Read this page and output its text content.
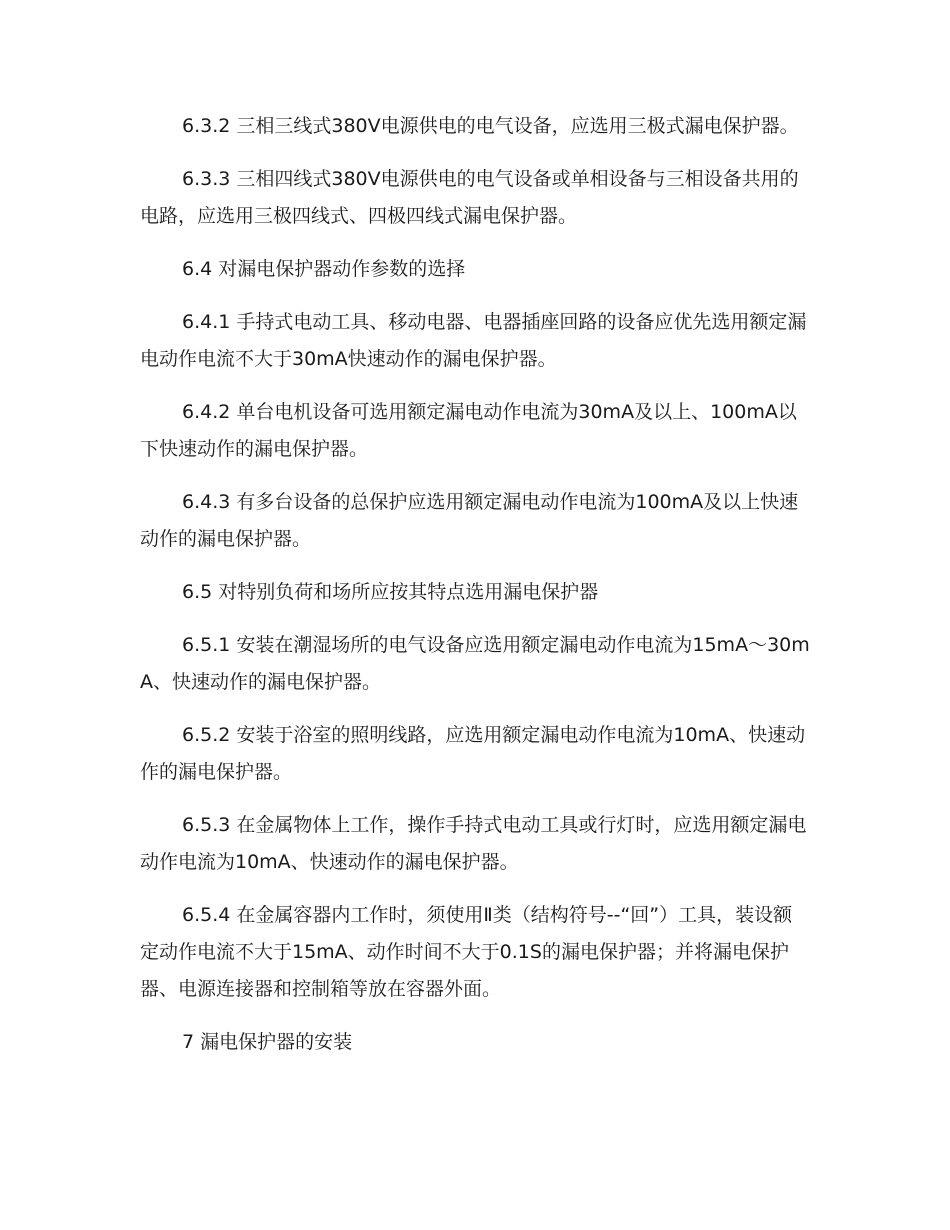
6.3.2 三相三线式380V电源供电的电气设备，应选用三极式漏电保护器。

6.3.3 三相四线式380V电源供电的电气设备或单相设备与三相设备共用的电路，应选用三极四线式、四极四线式漏电保护器。

6.4 对漏电保护器动作参数的选择

6.4.1 手持式电动工具、移动电器、电器插座回路的设备应优先选用额定漏电动作电流不大于30mA快速动作的漏电保护器。

6.4.2 单台电机设备可选用额定漏电动作电流为30mA及以上、100mA以下快速动作的漏电保护器。

6.4.3 有多台设备的总保护应选用额定漏电动作电流为100mA及以上快速动作的漏电保护器。

6.5 对特别负荷和场所应按其特点选用漏电保护器

6.5.1 安装在潮湿场所的电气设备应选用额定漏电动作电流为15mA～30mA、快速动作的漏电保护器。

6.5.2 安装于浴室的照明线路，应选用额定漏电动作电流为10mA、快速动作的漏电保护器。

6.5.3 在金属物体上工作，操作手持式电动工具或行灯时，应选用额定漏电动作电流为10mA、快速动作的漏电保护器。

6.5.4 在金属容器内工作时，须使用Ⅱ类（结构符号--“回”）工具，装设额定动作电流不大于15mA、动作时间不大于0.1S的漏电保护器；并将漏电保护器、电源连接器和控制箱等放在容器外面。

7 漏电保护器的安装
